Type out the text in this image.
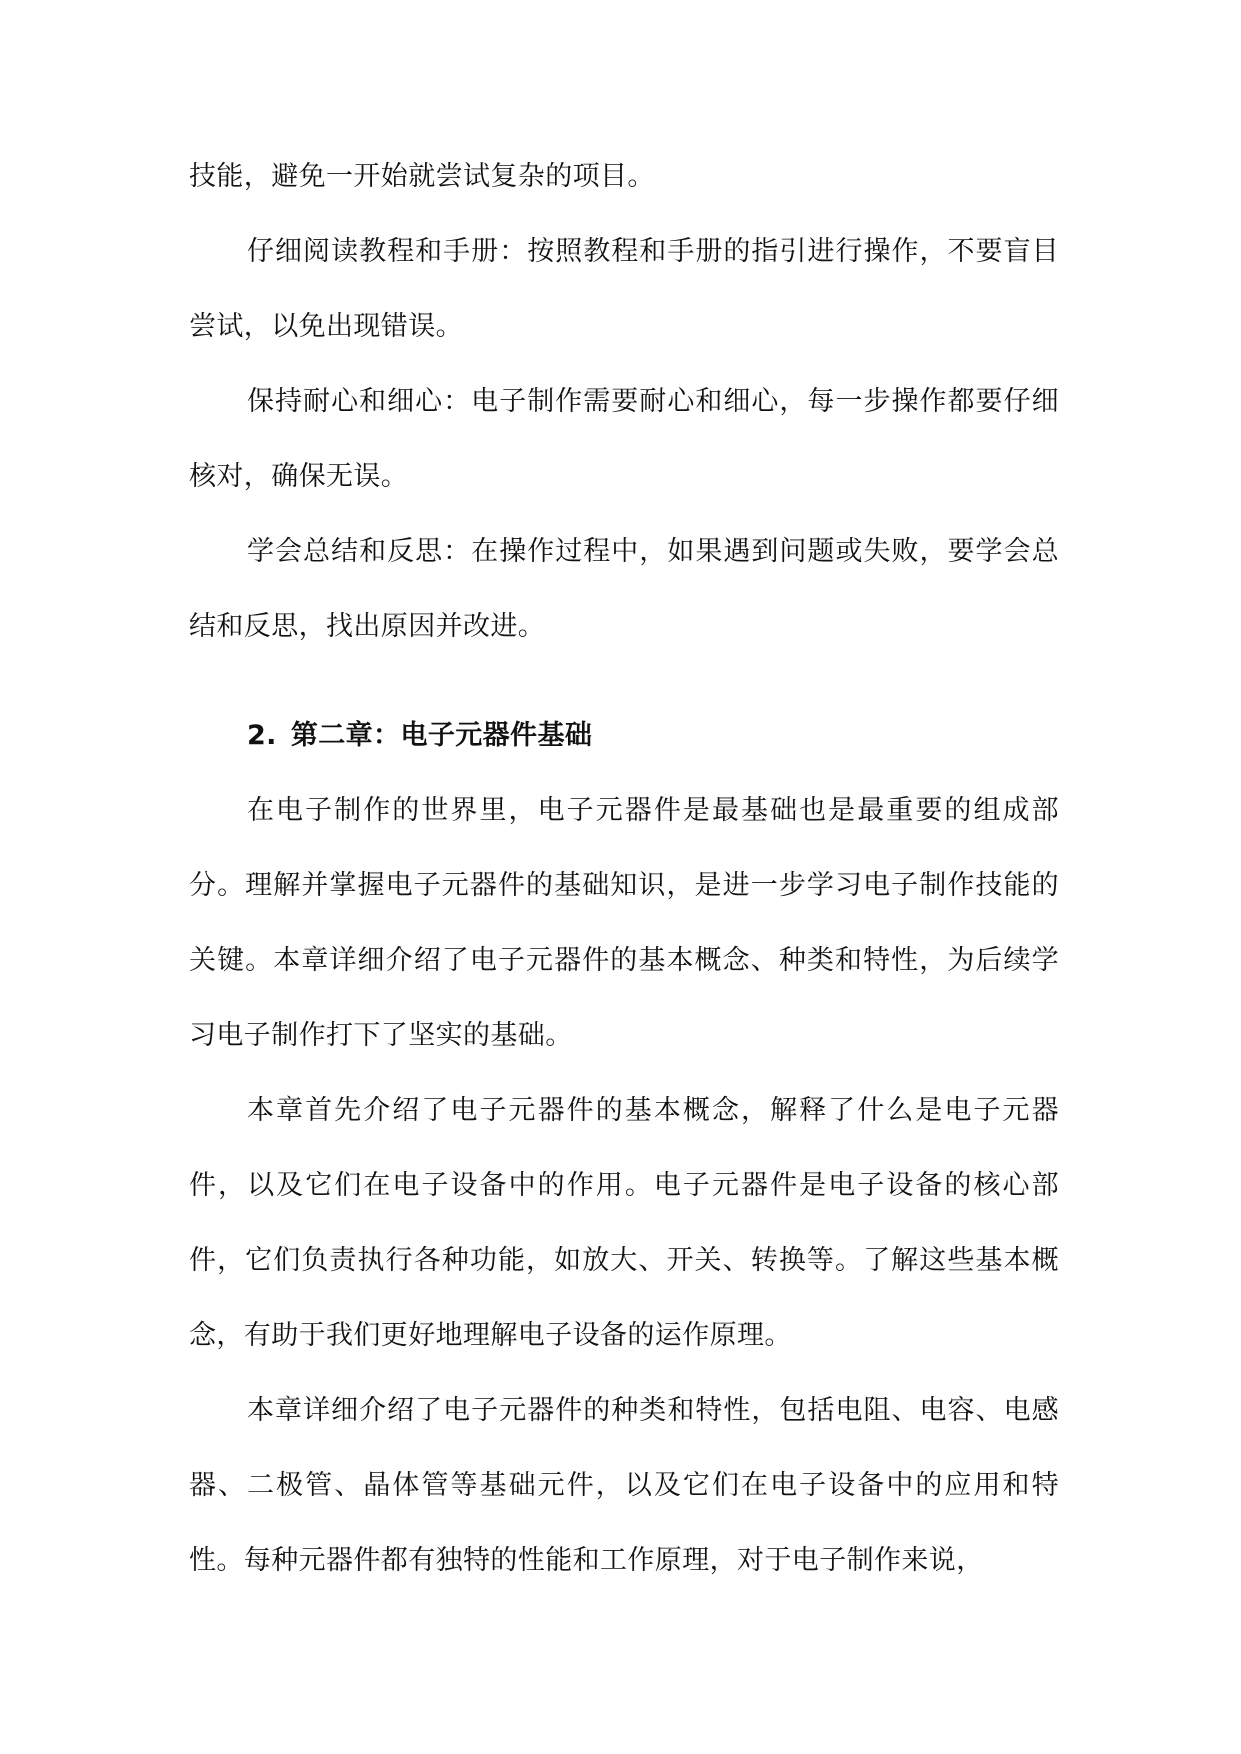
技能，避免一开始就尝试复杂的项目。

仔细阅读教程和手册：按照教程和手册的指引进行操作，不要盲目尝试，以免出现错误。

保持耐心和细心：电子制作需要耐心和细心，每一步操作都要仔细核对，确保无误。

学会总结和反思：在操作过程中，如果遇到问题或失败，要学会总结和反思，找出原因并改进。

2. 第二章：电子元器件基础

在电子制作的世界里，电子元器件是最基础也是最重要的组成部分。理解并掌握电子元器件的基础知识，是进一步学习电子制作技能的关键。本章详细介绍了电子元器件的基本概念、种类和特性，为后续学习电子制作打下了坚实的基础。

本章首先介绍了电子元器件的基本概念，解释了什么是电子元器件，以及它们在电子设备中的作用。电子元器件是电子设备的核心部件，它们负责执行各种功能，如放大、开关、转换等。了解这些基本概念，有助于我们更好地理解电子设备的运作原理。

本章详细介绍了电子元器件的种类和特性，包括电阻、电容、电感器、二极管、晶体管等基础元件，以及它们在电子设备中的应用和特性。每种元器件都有独特的性能和工作原理，对于电子制作来说，
